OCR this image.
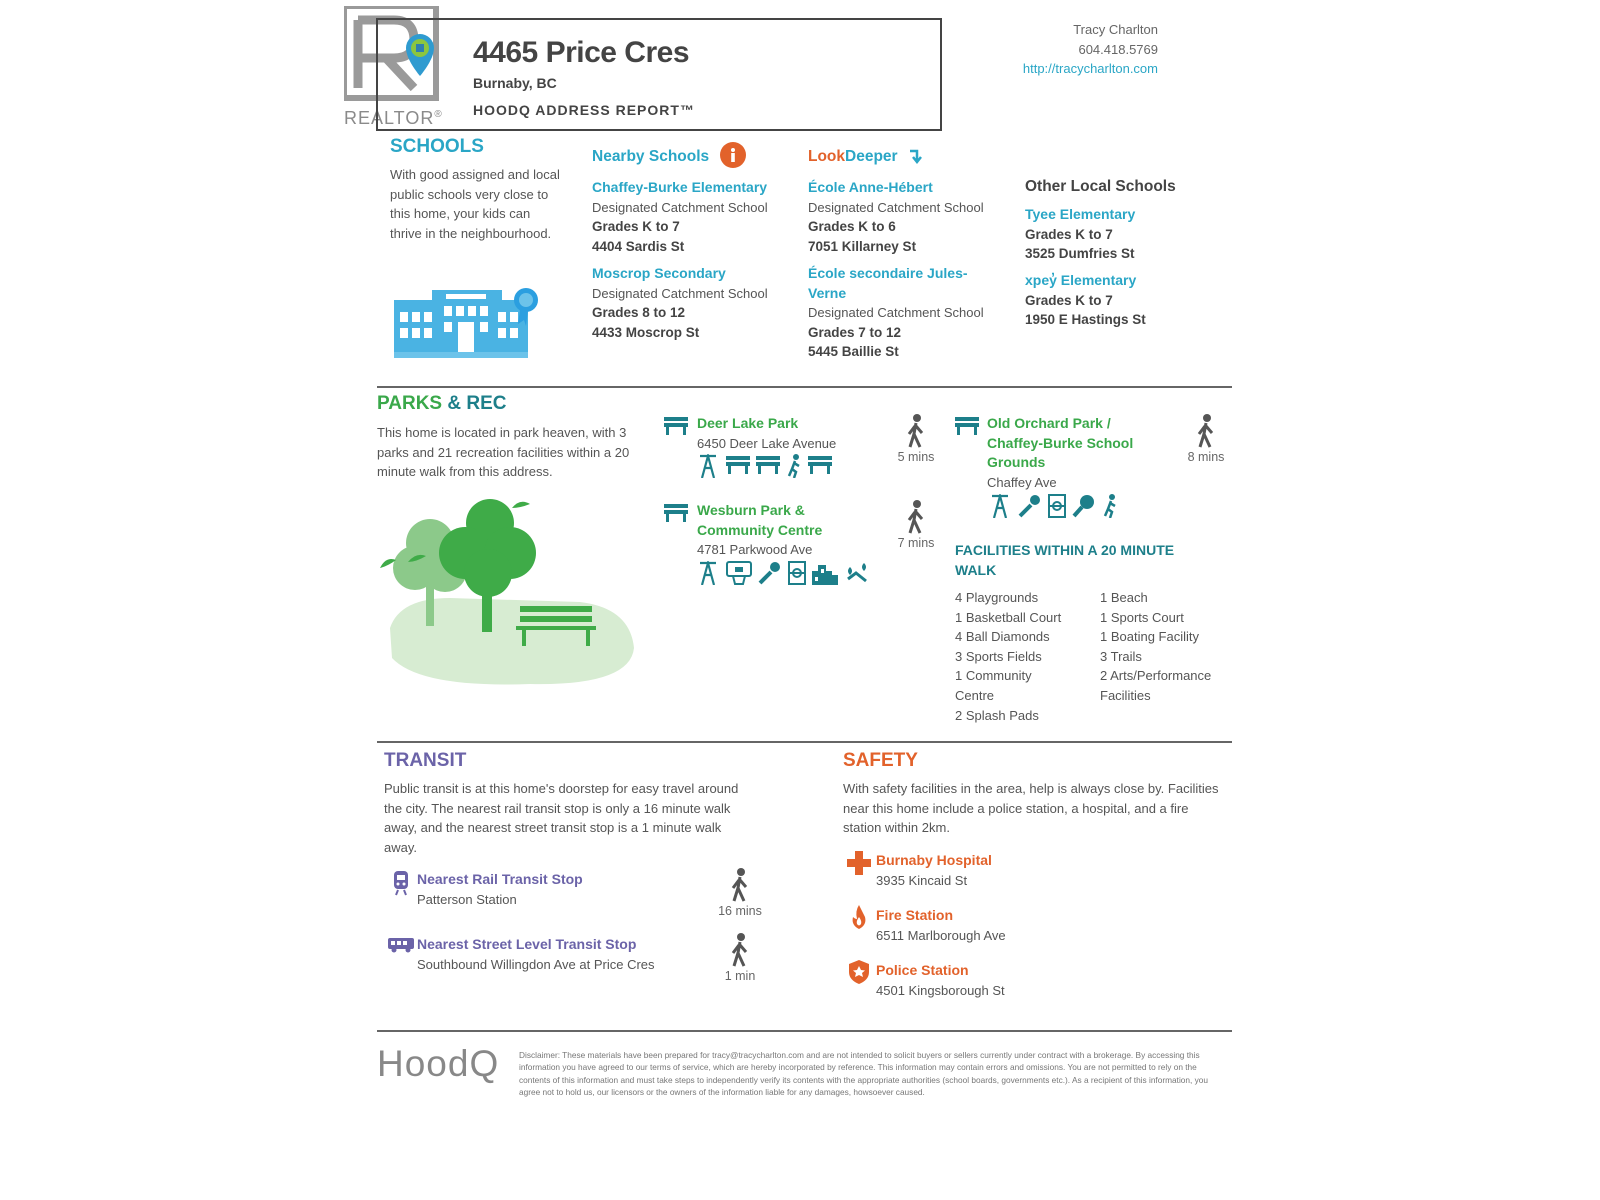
REALTOR®
4465 Price Cres
Burnaby, BC
HOODQ ADDRESS REPORT™
Tracy Charlton
604.418.5769
http://tracycharlton.com
SCHOOLS
With good assigned and local public schools very close to this home, your kids can thrive in the neighbourhood.
Nearby Schools
Chaffey-Burke Elementary
Designated Catchment School
Grades K to 7
4404 Sardis St
Moscrop Secondary
Designated Catchment School
Grades 8 to 12
4433 Moscrop St
LookDeeper
École Anne-Hébert
Designated Catchment School
Grades K to 6
7051 Killarney St
École secondaire Jules-
Verne
Designated Catchment School
Grades 7 to 12
5445 Baillie St
Other Local Schools
Tyee Elementary
Grades K to 7
3525 Dumfries St
xpey̓ Elementary
Grades K to 7
1950 E Hastings St
PARKS & REC
This home is located in park heaven, with 3 parks and 21 recreation facilities within a 20 minute walk from this address.
Deer Lake Park
6450 Deer Lake Avenue
5 mins
Wesburn Park &
Community Centre
4781 Parkwood Ave	7 mins
Old Orchard Park /
Chaffey-Burke School
Grounds
Chaffey Ave
8 mins
FACILITIES WITHIN A 20 MINUTE
WALK
4 Playgrounds
1 Basketball Court
4 Ball Diamonds
3 Sports Fields
1 Community
Centre
2 Splash Pads
1 Beach
1 Sports Court
1 Boating Facility
3 Trails
2 Arts/Performance
Facilities
TRANSIT
Public transit is at this home's doorstep for easy travel around the city. The nearest rail transit stop is only a 16 minute walk away, and the nearest street transit stop is a 1 minute walk away.
Nearest Rail Transit Stop
Patterson Station
16 mins
Nearest Street Level Transit Stop
Southbound Willingdon Ave at Price Cres
1 min
SAFETY
With safety facilities in the area, help is always close by. Facilities near this home include a police station, a hospital, and a fire station within 2km.
Burnaby Hospital
3935 Kincaid St
Fire Station
6511 Marlborough Ave
Police Station
4501 Kingsborough St
HoodQ Disclaimer: These materials have been prepared for tracy@tracycharlton.com and are not intended to solicit buyers or sellers currently under contract with a brokerage. By accessing this information you have agreed to our terms of service, which are hereby incorporated by reference. This information may contain errors and omissions. You are not permitted to rely on the contents of this information and must take steps to independently verify its contents with the appropriate authorities (school boards, governments etc.). As a recipient of this information, you agree not to hold us, our licensors or the owners of the information liable for any damages, howsoever caused.
